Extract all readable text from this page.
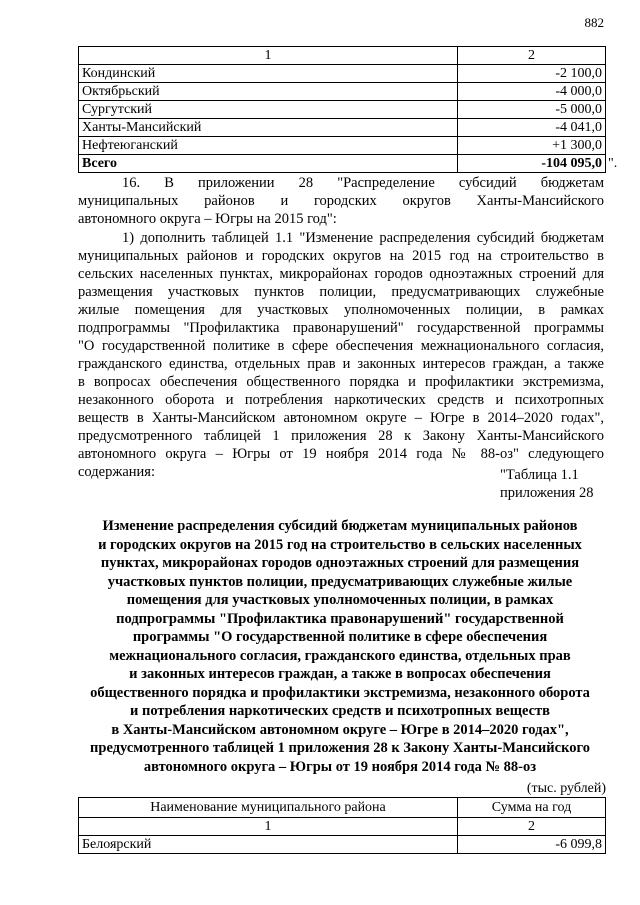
882
1	2
Кондинский	-2 100,0
Октябрьский	-4 000,0
Сургутский	-5 000,0
Ханты-Мансийский	-4 041,0
Нефтеюганский	+1 300,0
Всего	-104 095,0 ".
16. В приложении 28 "Распределение субсидий бюджетам
муниципальных районов и городских округов Ханты-Мансийского
автономного округа – Югры на 2015 год":
1) дополнить таблицей 1.1 "Изменение распределения субсидий бюджетам
муниципальных районов и городских округов на 2015 год на строительство в
сельских населенных пунктах, микрорайонах городов одноэтажных строений для
размещения участковых пунктов полиции, предусматривающих служебные
жилые помещения для участковых уполномоченных полиции, в рамках
подпрограммы "Профилактика правонарушений" государственной программы
"О государственной политике в сфере обеспечения межнационального согласия,
гражданского единства, отдельных прав и законных интересов граждан, а также
в вопросах обеспечения общественного порядка и профилактики экстремизма,
незаконного оборота и потребления наркотических средств и психотропных
веществ в Ханты-Мансийском автономном округе – Югре в 2014–2020 годах",
предусмотренного таблицей 1 приложения 28 к Закону Ханты-Мансийского
автономного округа – Югры от 19 ноября 2014 года № 88-оз" следующего
содержания:	"Таблица 1.1
приложения 28
Изменение распределения субсидий бюджетам муниципальных районов
и городских округов на 2015 год на строительство в сельских населенных
пунктах, микрорайонах городов одноэтажных строений для размещения
участковых пунктов полиции, предусматривающих служебные жилые
помещения для участковых уполномоченных полиции, в рамках
подпрограммы "Профилактика правонарушений" государственной
программы "О государственной политике в сфере обеспечения
межнационального согласия, гражданского единства, отдельных прав
и законных интересов граждан, а также в вопросах обеспечения
общественного порядка и профилактики экстремизма, незаконного оборота
и потребления наркотических средств и психотропных веществ
в Ханты-Мансийском автономном округе – Югре в 2014–2020 годах",
предусмотренного таблицей 1 приложения 28 к Закону Ханты-Мансийского
автономного округа – Югры от 19 ноября 2014 года № 88-оз
(тыс. рублей)
Наименование муниципального района	Сумма на год
1	2
Белоярский	-6 099,8
